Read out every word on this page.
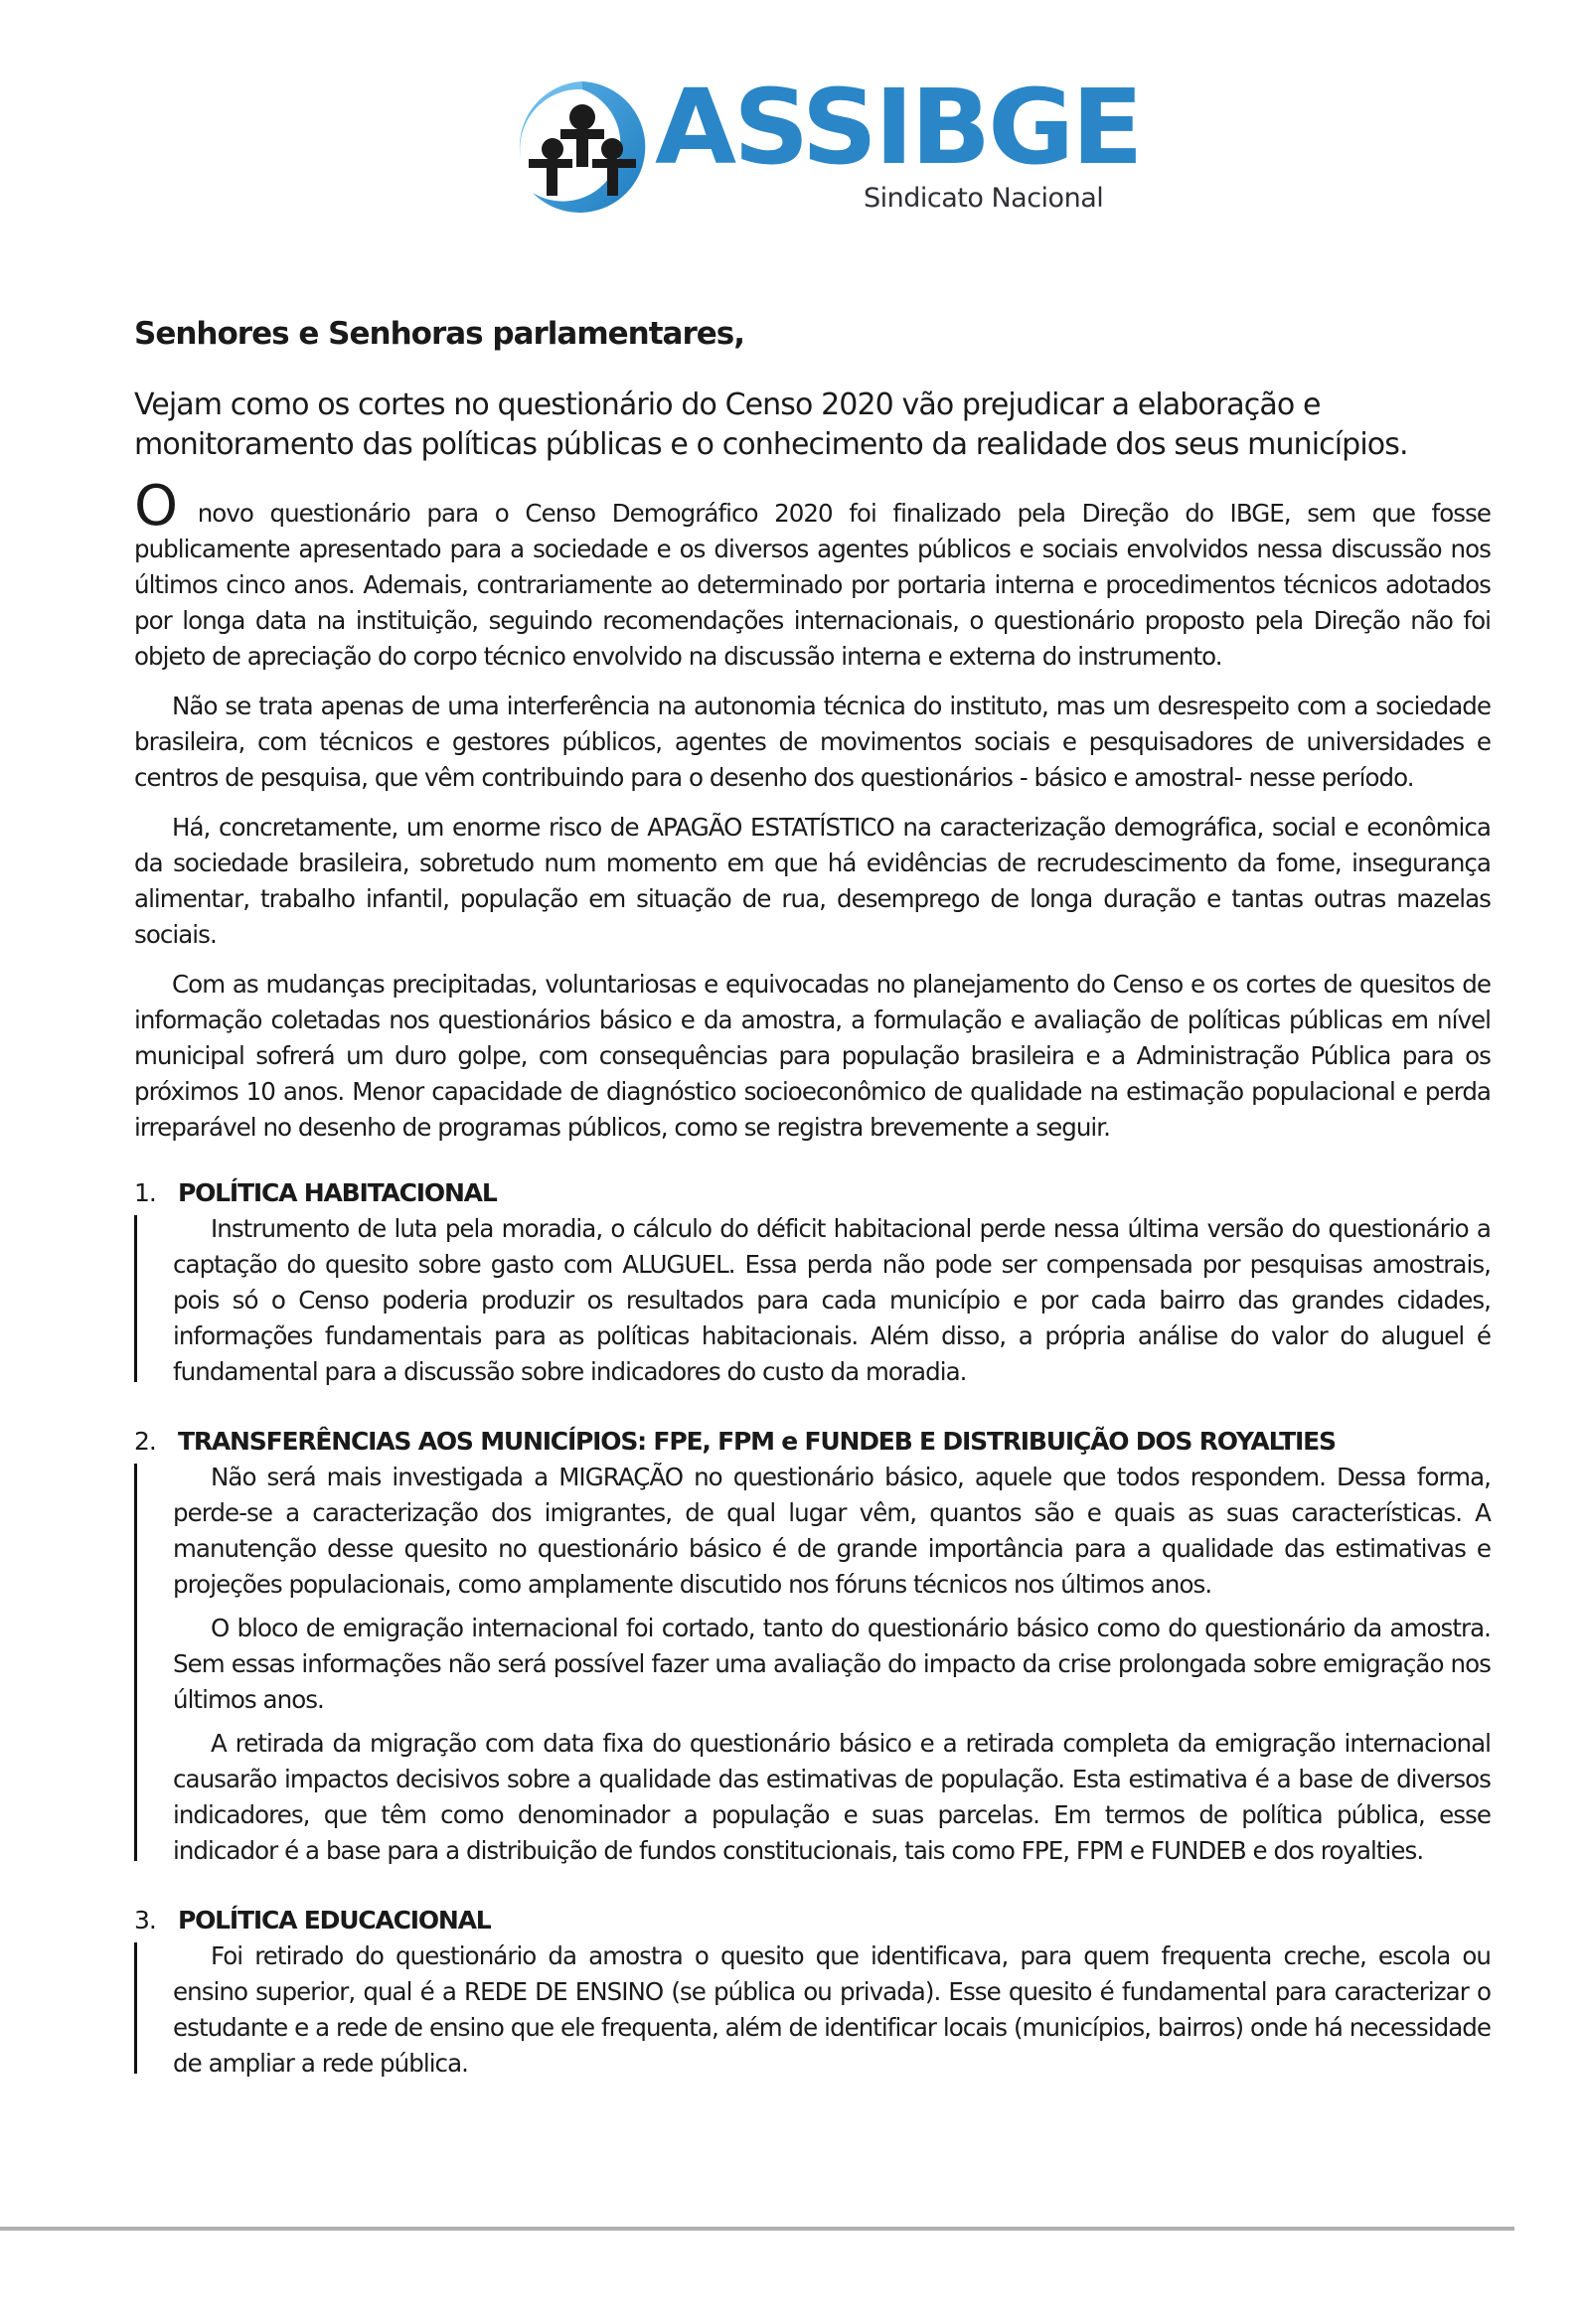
ASSIBGE
Sindicato Nacional
Senhores e Senhoras parlamentares,
Vejam como os cortes no questionário do Censo 2020 vão prejudicar a elaboração e monitoramento das políticas públicas e o conhecimento da realidade dos seus municípios.

O novo questionário para o Censo Demográfico 2020 foi finalizado pela Direção do IBGE, sem que fosse publicamente apresentado para a sociedade e os diversos agentes públicos e sociais envolvidos nessa discussão nos últimos cinco anos. Ademais, contrariamente ao determinado por portaria interna e procedimentos técnicos adotados por longa data na instituição, seguindo recomendações internacionais, o questionário proposto pela Direção não foi objeto de apreciação do corpo técnico envolvido na discussão interna e externa do instrumento.

Não se trata apenas de uma interferência na autonomia técnica do instituto, mas um desrespeito com a sociedade brasileira, com técnicos e gestores públicos, agentes de movimentos sociais e pesquisadores de universidades e centros de pesquisa, que vêm contribuindo para o desenho dos questionários - básico e amostral- nesse período.

Há, concretamente, um enorme risco de APAGÃO ESTATÍSTICO na caracterização demográfica, social e econômica da sociedade brasileira, sobretudo num momento em que há evidências de recrudescimento da fome, insegurança alimentar, trabalho infantil, população em situação de rua, desemprego de longa duração e tantas outras mazelas sociais.

Com as mudanças precipitadas, voluntariosas e equivocadas no planejamento do Censo e os cortes de quesitos de informação coletadas nos questionários básico e da amostra, a formulação e avaliação de políticas públicas em nível municipal sofrerá um duro golpe, com consequências para população brasileira e a Administração Pública para os próximos 10 anos. Menor capacidade de diagnóstico socioeconômico de qualidade na estimação populacional e perda irreparável no desenho de programas públicos, como se registra brevemente a seguir.

1. POLÍTICA HABITACIONAL

Instrumento de luta pela moradia, o cálculo do déficit habitacional perde nessa última versão do questionário a captação do quesito sobre gasto com ALUGUEL. Essa perda não pode ser compensada por pesquisas amostrais, pois só o Censo poderia produzir os resultados para cada município e por cada bairro das grandes cidades, informações fundamentais para as políticas habitacionais. Além disso, a própria análise do valor do aluguel é fundamental para a discussão sobre indicadores do custo da moradia.

2. TRANSFERÊNCIAS AOS MUNICÍPIOS: FPE, FPM e FUNDEB E DISTRIBUIÇÃO DOS ROYALTIES

Não será mais investigada a MIGRAÇÃO no questionário básico, aquele que todos respondem. Dessa forma, perde-se a caracterização dos imigrantes, de qual lugar vêm, quantos são e quais as suas características. A manutenção desse quesito no questionário básico é de grande importância para a qualidade das estimativas e projeções populacionais, como amplamente discutido nos fóruns técnicos nos últimos anos.

O bloco de emigração internacional foi cortado, tanto do questionário básico como do questionário da amostra. Sem essas informações não será possível fazer uma avaliação do impacto da crise prolongada sobre emigração nos últimos anos.

A retirada da migração com data fixa do questionário básico e a retirada completa da emigração internacional causarão impactos decisivos sobre a qualidade das estimativas de população. Esta estimativa é a base de diversos indicadores, que têm como denominador a população e suas parcelas. Em termos de política pública, esse indicador é a base para a distribuição de fundos constitucionais, tais como FPE, FPM e FUNDEB e dos royalties.

3. POLÍTICA EDUCACIONAL

Foi retirado do questionário da amostra o quesito que identificava, para quem frequenta creche, escola ou ensino superior, qual é a REDE DE ENSINO (se pública ou privada). Esse quesito é fundamental para caracterizar o estudante e a rede de ensino que ele frequenta, além de identificar locais (municípios, bairros) onde há necessidade de ampliar a rede pública.
